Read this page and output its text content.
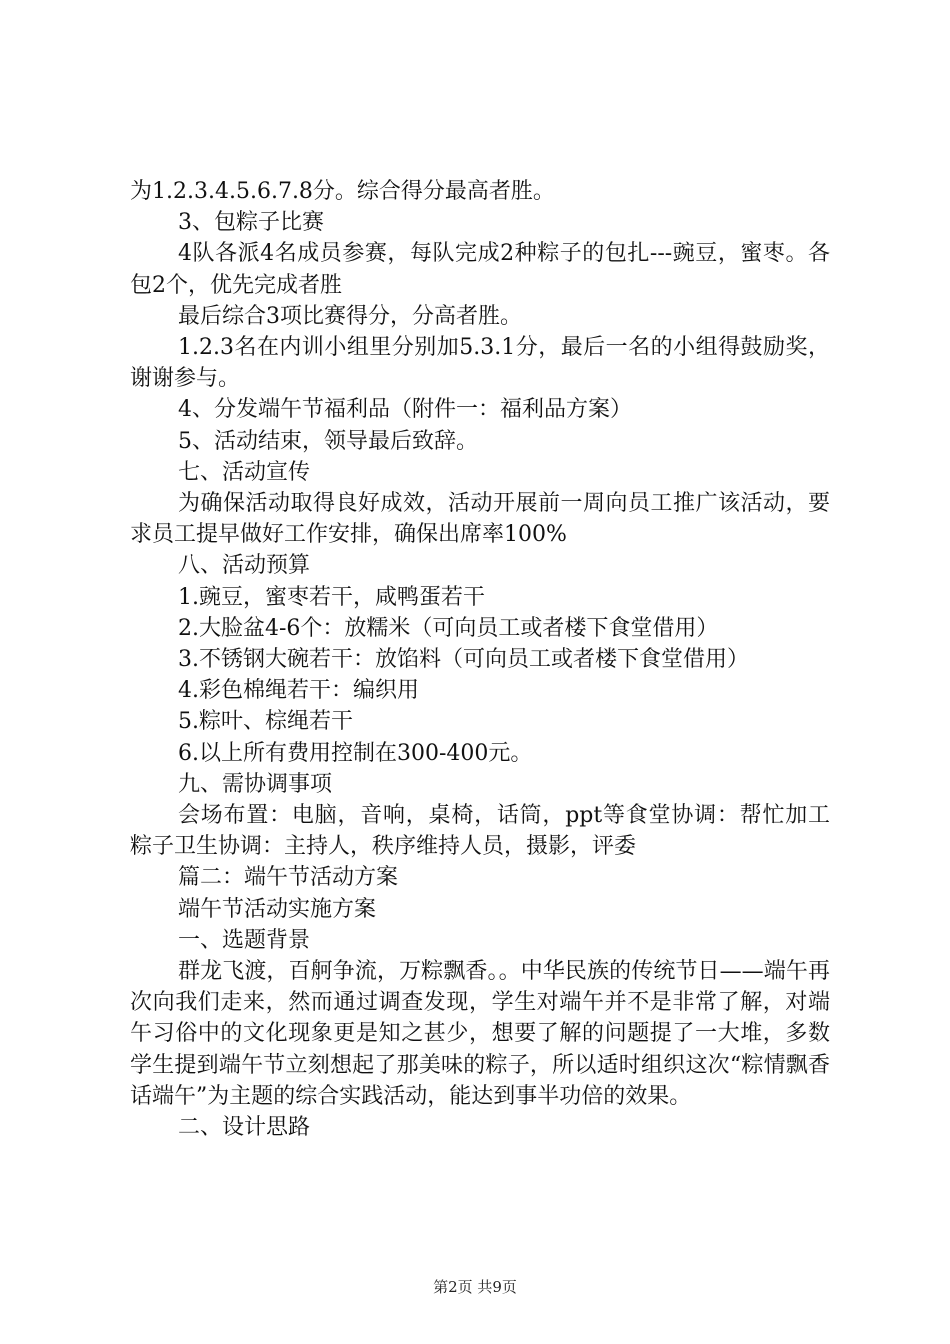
为1.2.3.4.5.6.7.8分。综合得分最高者胜。

3、包粽子比赛

4队各派4名成员参赛，每队完成2种粽子的包扎---豌豆，蜜枣。各包2个，优先完成者胜

最后综合3项比赛得分，分高者胜。

1.2.3名在内训小组里分别加5.3.1分，最后一名的小组得鼓励奖，谢谢参与。

4、分发端午节福利品（附件一：福利品方案）

5、活动结束，领导最后致辞。

七、活动宣传

为确保活动取得良好成效，活动开展前一周向员工推广该活动，要求员工提早做好工作安排，确保出席率100%

八、活动预算

1.豌豆，蜜枣若干，咸鸭蛋若干

2.大脸盆4-6个：放糯米（可向员工或者楼下食堂借用）

3.不锈钢大碗若干：放馅料（可向员工或者楼下食堂借用）

4.彩色棉绳若干：编织用

5.粽叶、棕绳若干

6.以上所有费用控制在300-400元。

九、需协调事项

会场布置：电脑，音响，桌椅，话筒，ppt等食堂协调：帮忙加工粽子卫生协调：主持人，秩序维持人员，摄影，评委

篇二：端午节活动方案

端午节活动实施方案

一、选题背景

群龙飞渡，百舸争流，万粽飘香。。中华民族的传统节日——端午再次向我们走来，然而通过调查发现，学生对端午并不是非常了解，对端午习俗中的文化现象更是知之甚少，想要了解的问题提了一大堆，多数学生提到端午节立刻想起了那美味的粽子，所以适时组织这次“粽情飘香话端午”为主题的综合实践活动，能达到事半功倍的效果。

二、设计思路

第2页 共9页
